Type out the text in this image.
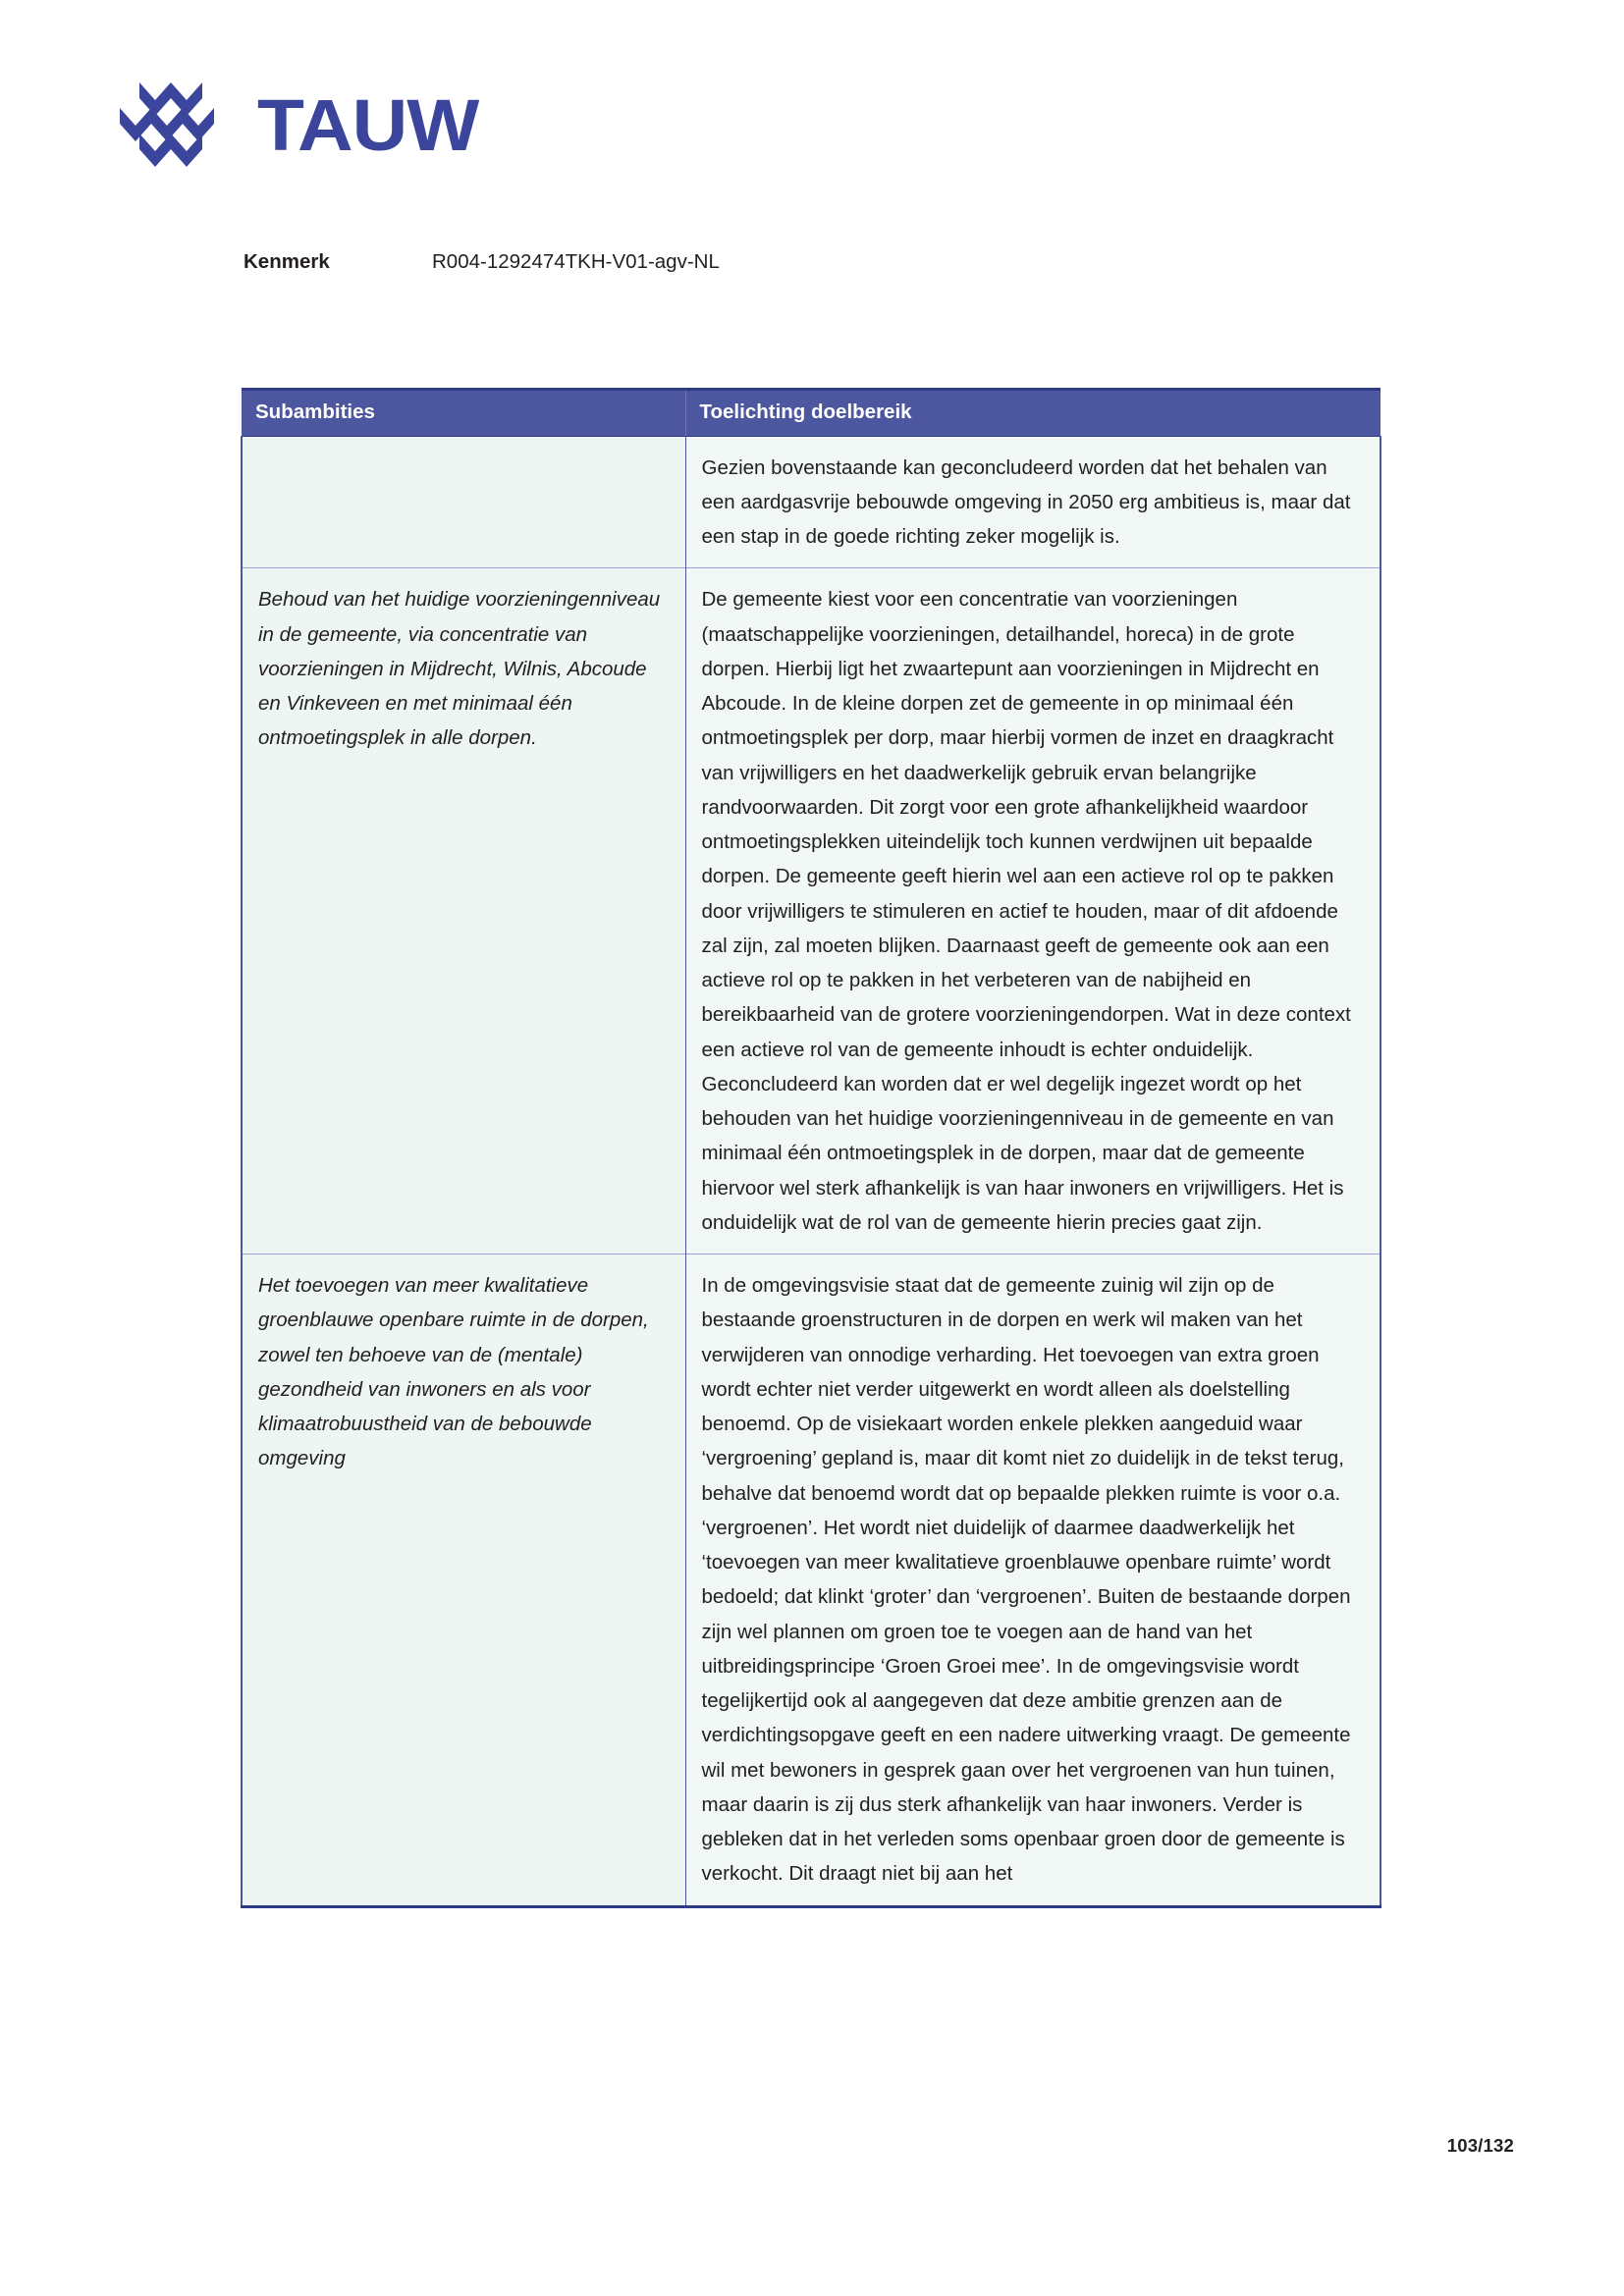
TAUW
Kenmerk	R004-1292474TKH-V01-agv-NL
Subambities	Toelichting doelbereik

	Gezien bovenstaande kan geconcludeerd worden dat het behalen van een aardgasvrije bebouwde omgeving in 2050 erg ambitieus is, maar dat een stap in de goede richting zeker mogelijk is.

Behoud van het huidige voorzieningenniveau in de gemeente, via concentratie van voorzieningen in Mijdrecht, Wilnis, Abcoude en Vinkeveen en met minimaal één ontmoetingsplek in alle dorpen.	De gemeente kiest voor een concentratie van voorzieningen (maatschappelijke voorzieningen, detailhandel, horeca) in de grote dorpen. Hierbij ligt het zwaartepunt aan voorzieningen in Mijdrecht en Abcoude. In de kleine dorpen zet de gemeente in op minimaal één ontmoetingsplek per dorp, maar hierbij vormen de inzet en draagkracht van vrijwilligers en het daadwerkelijk gebruik ervan belangrijke randvoorwaarden. Dit zorgt voor een grote afhankelijkheid waardoor ontmoetingsplekken uiteindelijk toch kunnen verdwijnen uit bepaalde dorpen. De gemeente geeft hierin wel aan een actieve rol op te pakken door vrijwilligers te stimuleren en actief te houden, maar of dit afdoende zal zijn, zal moeten blijken. Daarnaast geeft de gemeente ook aan een actieve rol op te pakken in het verbeteren van de nabijheid en bereikbaarheid van de grotere voorzieningendorpen. Wat in deze context een actieve rol van de gemeente inhoudt is echter onduidelijk. Geconcludeerd kan worden dat er wel degelijk ingezet wordt op het behouden van het huidige voorzieningenniveau in de gemeente en van minimaal één ontmoetingsplek in de dorpen, maar dat de gemeente hiervoor wel sterk afhankelijk is van haar inwoners en vrijwilligers. Het is onduidelijk wat de rol van de gemeente hierin precies gaat zijn.

Het toevoegen van meer kwalitatieve groenblauwe openbare ruimte in de dorpen, zowel ten behoeve van de (mentale) gezondheid van inwoners en als voor klimaatrobuustheid van de bebouwde omgeving	In de omgevingsvisie staat dat de gemeente zuinig wil zijn op de bestaande groenstructuren in de dorpen en werk wil maken van het verwijderen van onnodige verharding. Het toevoegen van extra groen wordt echter niet verder uitgewerkt en wordt alleen als doelstelling benoemd. Op de visiekaart worden enkele plekken aangeduid waar ‘vergroening’ gepland is, maar dit komt niet zo duidelijk in de tekst terug, behalve dat benoemd wordt dat op bepaalde plekken ruimte is voor o.a. ‘vergroenen’. Het wordt niet duidelijk of daarmee daadwerkelijk het ‘toevoegen van meer kwalitatieve groenblauwe openbare ruimte’ wordt bedoeld; dat klinkt ‘groter’ dan ‘vergroenen’. Buiten de bestaande dorpen zijn wel plannen om groen toe te voegen aan de hand van het uitbreidingsprincipe ‘Groen Groei mee’. In de omgevingsvisie wordt tegelijkertijd ook al aangegeven dat deze ambitie grenzen aan de verdichtingsopgave geeft en een nadere uitwerking vraagt. De gemeente wil met bewoners in gesprek gaan over het vergroenen van hun tuinen, maar daarin is zij dus sterk afhankelijk van haar inwoners. Verder is gebleken dat in het verleden soms openbaar groen door de gemeente is verkocht. Dit draagt niet bij aan het

103/132
